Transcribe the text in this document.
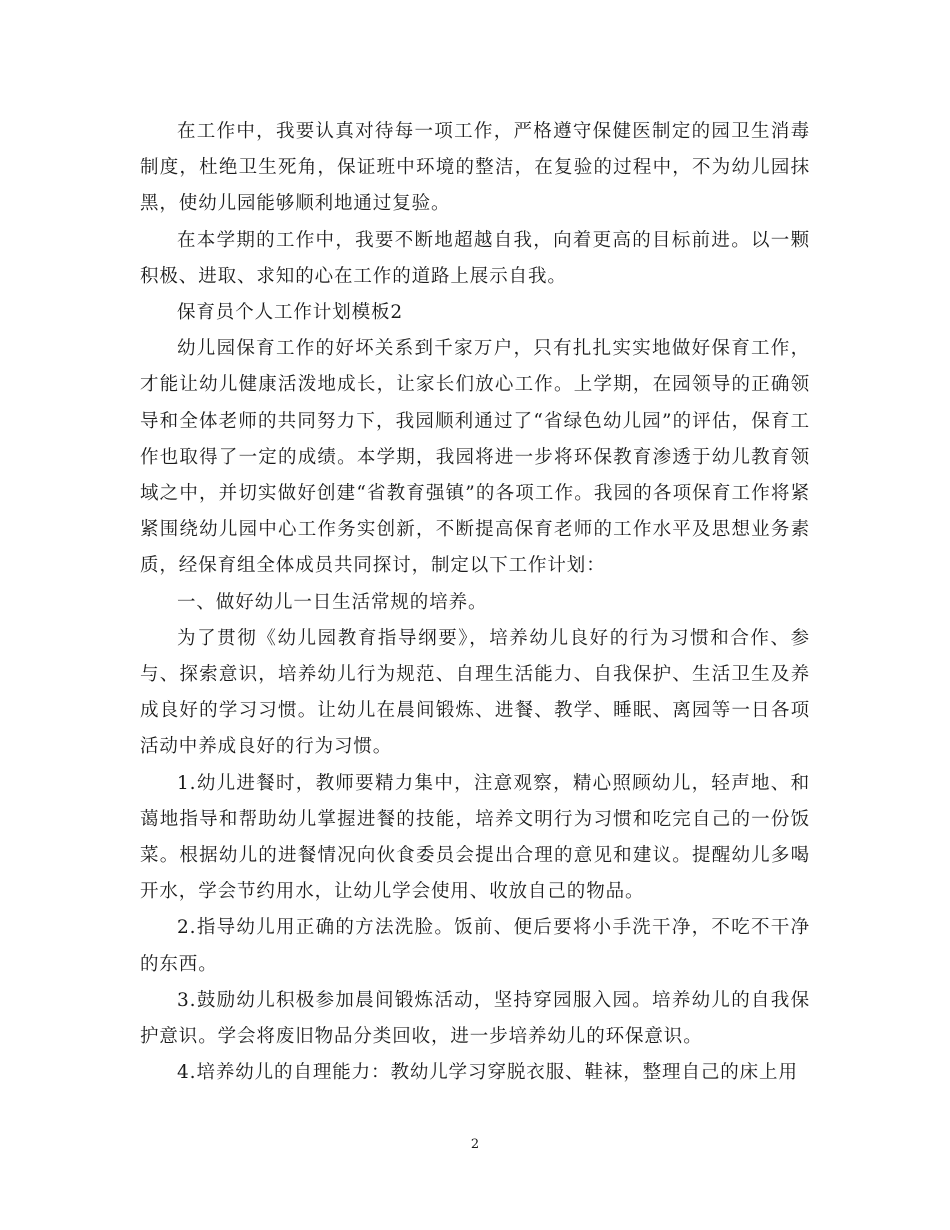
在工作中，我要认真对待每一项工作，严格遵守保健医制定的园卫生消毒制度，杜绝卫生死角，保证班中环境的整洁，在复验的过程中，不为幼儿园抹黑，使幼儿园能够顺利地通过复验。

在本学期的工作中，我要不断地超越自我，向着更高的目标前进。以一颗积极、进取、求知的心在工作的道路上展示自我。

保育员个人工作计划模板2

幼儿园保育工作的好坏关系到千家万户，只有扎扎实实地做好保育工作，才能让幼儿健康活泼地成长，让家长们放心工作。上学期，在园领导的正确领导和全体老师的共同努力下，我园顺利通过了“省绿色幼儿园”的评估，保育工作也取得了一定的成绩。本学期，我园将进一步将环保教育渗透于幼儿教育领域之中，并切实做好创建“省教育强镇”的各项工作。我园的各项保育工作将紧紧围绕幼儿园中心工作务实创新，不断提高保育老师的工作水平及思想业务素质，经保育组全体成员共同探讨，制定以下工作计划：

一、做好幼儿一日生活常规的培养。

为了贯彻《幼儿园教育指导纲要》，培养幼儿良好的行为习惯和合作、参与、探索意识，培养幼儿行为规范、自理生活能力、自我保护、生活卫生及养成良好的学习习惯。让幼儿在晨间锻炼、进餐、教学、睡眠、离园等一日各项活动中养成良好的行为习惯。

1.幼儿进餐时，教师要精力集中，注意观察，精心照顾幼儿，轻声地、和蔼地指导和帮助幼儿掌握进餐的技能，培养文明行为习惯和吃完自己的一份饭菜。根据幼儿的进餐情况向伙食委员会提出合理的意见和建议。提醒幼儿多喝开水，学会节约用水，让幼儿学会使用、收放自己的物品。

2.指导幼儿用正确的方法洗脸。饭前、便后要将小手洗干净，不吃不干净的东西。

3.鼓励幼儿积极参加晨间锻炼活动，坚持穿园服入园。培养幼儿的自我保护意识。学会将废旧物品分类回收，进一步培养幼儿的环保意识。

4.培养幼儿的自理能力：教幼儿学习穿脱衣服、鞋袜，整理自己的床上用

2
